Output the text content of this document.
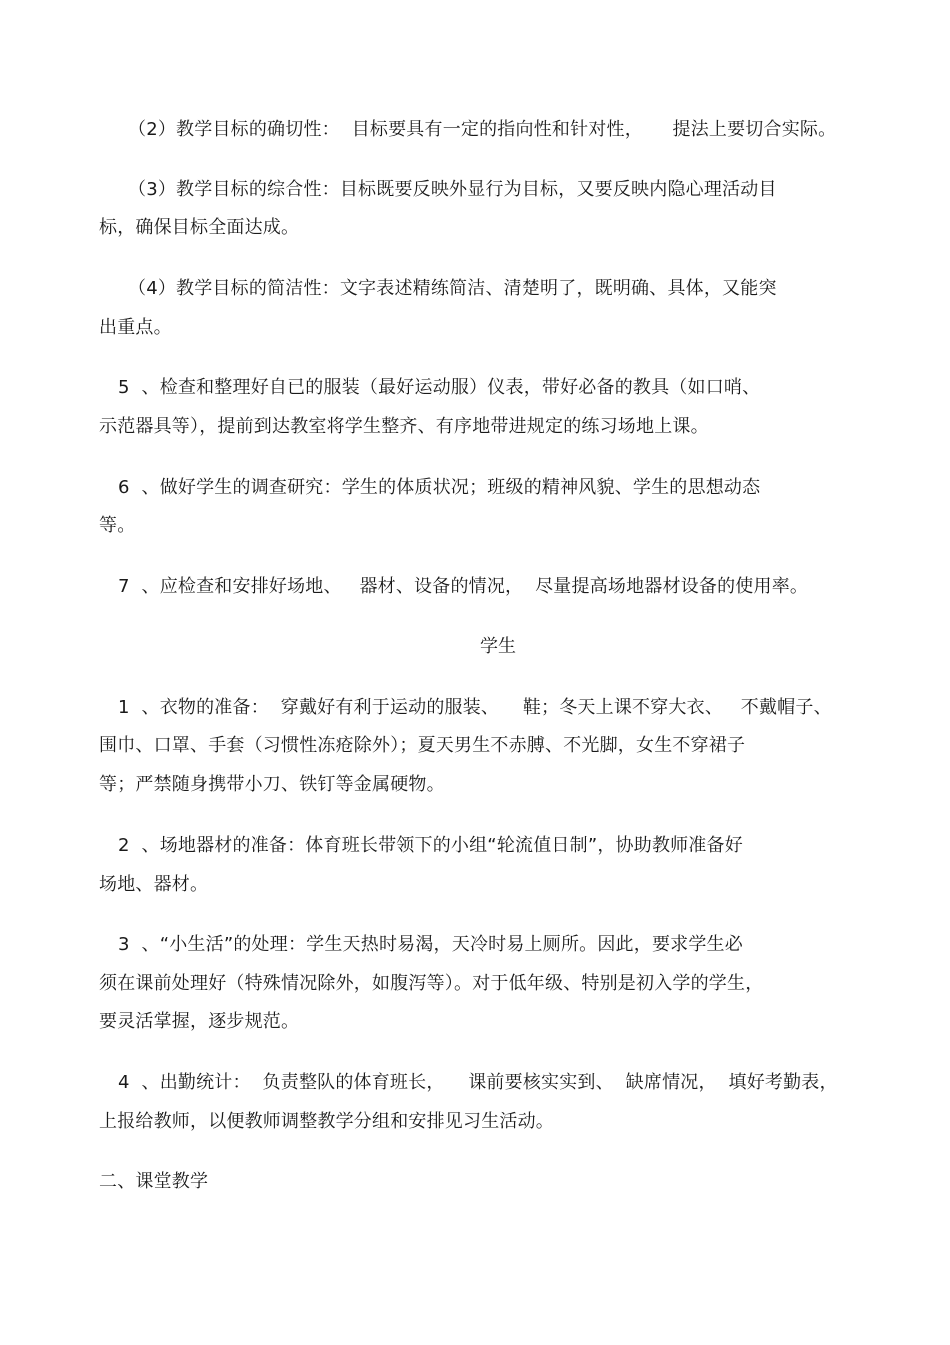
（2）教学目标的确切性：  目标要具有一定的指向性和针对性，     提法上要切合实际。
（3）教学目标的综合性：目标既要反映外显行为目标，又要反映内隐心理活动目
标，确保目标全面达成。
（4）教学目标的简洁性：文字表述精练简洁、清楚明了，既明确、具体，又能突
出重点。
5  、检查和整理好自已的服装（最好运动服）仪表，带好必备的教具（如口哨、
示范器具等），提前到达教室将学生整齐、有序地带进规定的练习场地上课。
6  、做好学生的调查研究：学生的体质状况；班级的精神风貌、学生的思想动态
等。
7  、应检查和安排好场地、   器材、设备的情况，  尽量提高场地器材设备的使用率。
学生
1  、衣物的准备：  穿戴好有利于运动的服装、    鞋；冬天上课不穿大衣、   不戴帽子、
围巾、口罩、手套（习惯性冻疮除外）；夏天男生不赤膊、不光脚，女生不穿裙子
等；严禁随身携带小刀、铁钉等金属硬物。
2  、场地器材的准备：体育班长带领下的小组“轮流值日制”，协助教师准备好
场地、器材。
3  、“小生活”的处理：学生天热时易渴，天冷时易上厕所。因此，要求学生必
须在课前处理好（特殊情况除外，如腹泻等）。对于低年级、特别是初入学的学生，
要灵活掌握，逐步规范。
4  、出勤统计：  负责整队的体育班长，    课前要核实实到、  缺席情况，  填好考勤表，
上报给教师，以便教师调整教学分组和安排见习生活动。
二、课堂教学
